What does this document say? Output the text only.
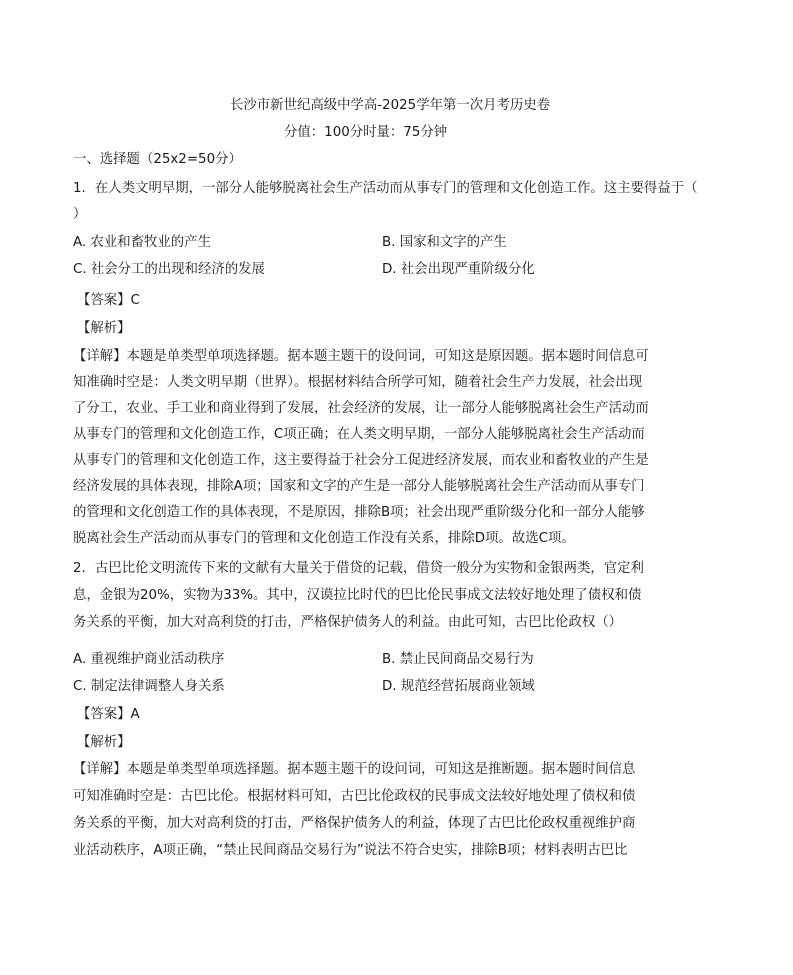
长沙市新世纪高级中学高-2025学年第一次月考历史卷
分值：100分时量：75分钟
一、选择题（25x2=50分）
1．在人类文明早期，一部分人能够脱离社会生产活动而从事专门的管理和文化创造工作。这主要得益于（
）
A. 农业和畜牧业的产生	B. 国家和文字的产生
C. 社会分工的出现和经济的发展	D. 社会出现严重阶级分化
【答案】C
【解析】
【详解】本题是单类型单项选择题。据本题主题干的设问词，可知这是原因题。据本题时间信息可
知准确时空是：人类文明早期（世界）。根据材料结合所学可知，随着社会生产力发展，社会出现
了分工，农业、手工业和商业得到了发展，社会经济的发展，让一部分人能够脱离社会生产活动而
从事专门的管理和文化创造工作，C项正确；在人类文明早期，一部分人能够脱离社会生产活动而
从事专门的管理和文化创造工作，这主要得益于社会分工促进经济发展，而农业和畜牧业的产生是
经济发展的具体表现，排除A项；国家和文字的产生是一部分人能够脱离社会生产活动而从事专门
的管理和文化创造工作的具体表现，不是原因，排除B项；社会出现严重阶级分化和一部分人能够
脱离社会生产活动而从事专门的管理和文化创造工作没有关系，排除D项。故选C项。
2．古巴比伦文明流传下来的文献有大量关于借贷的记载，借贷一般分为实物和金银两类，官定利
息，金银为20%，实物为33%。其中，汉谟拉比时代的巴比伦民事成文法较好地处理了债权和债
务关系的平衡，加大对高利贷的打击，严格保护债务人的利益。由此可知，古巴比伦政权（）
A. 重视维护商业活动秩序	B. 禁止民间商品交易行为
C. 制定法律调整人身关系	D. 规范经营拓展商业领域
【答案】A
【解析】
【详解】本题是单类型单项选择题。据本题主题干的设问词，可知这是推断题。据本题时间信息
可知准确时空是：古巴比伦。根据材料可知，古巴比伦政权的民事成文法较好地处理了债权和债
务关系的平衡，加大对高利贷的打击，严格保护债务人的利益，体现了古巴比伦政权重视维护商
业活动秩序，A项正确，“禁止民间商品交易行为”说法不符合史实，排除B项；材料表明古巴比
